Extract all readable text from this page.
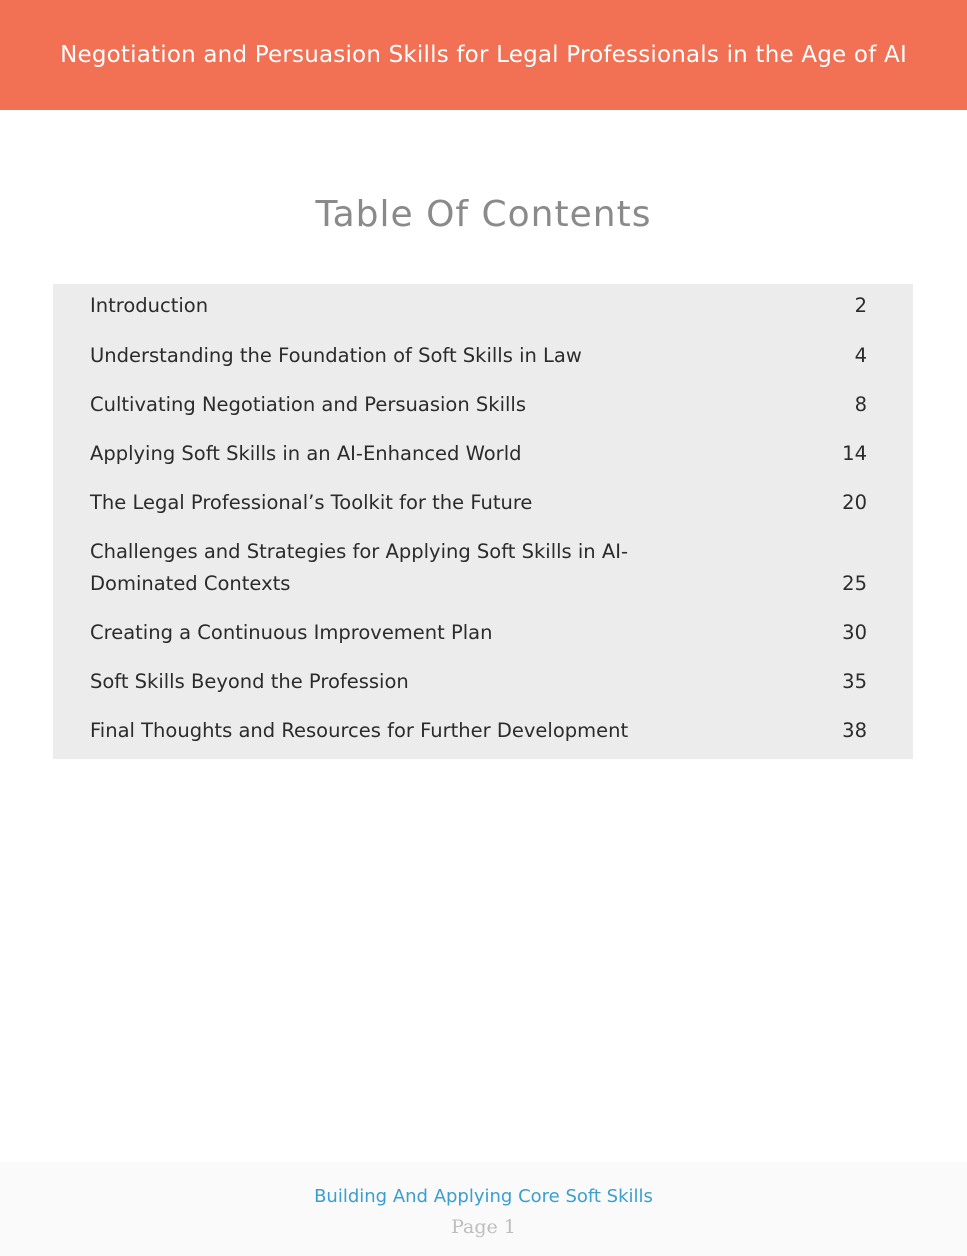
Negotiation and Persuasion Skills for Legal Professionals in the Age of AI
Table Of Contents
Introduction	2
Understanding the Foundation of Soft Skills in Law	4
Cultivating Negotiation and Persuasion Skills	8
Applying Soft Skills in an AI-Enhanced World	14
The Legal Professional’s Toolkit for the Future	20
Challenges and Strategies for Applying Soft Skills in AI-Dominated Contexts	25
Creating a Continuous Improvement Plan	30
Soft Skills Beyond the Profession	35
Final Thoughts and Resources for Further Development	38
Building And Applying Core Soft Skills
Page 1
